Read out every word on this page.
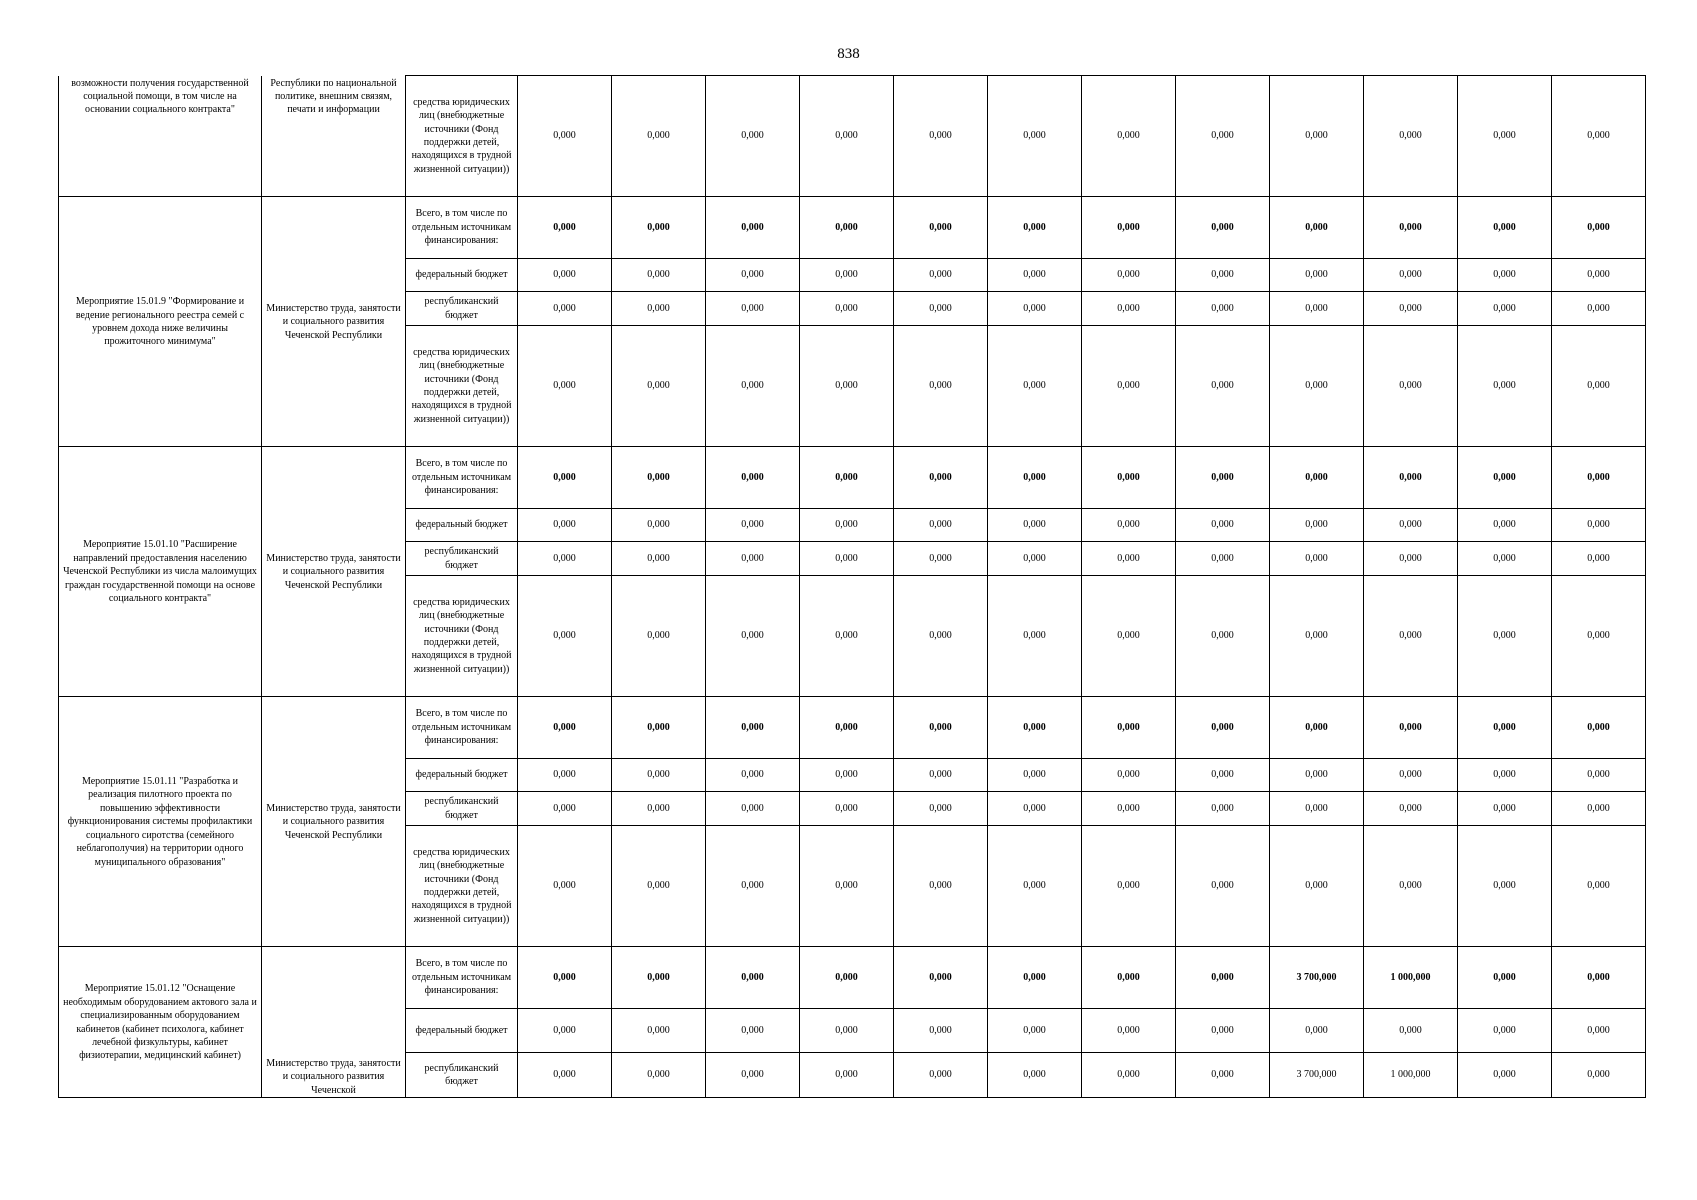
838
возможности получения государственной социальной помощи, в том числе на основании социального контракта"	Республики по национальной политике, внешним связям, печати и информации	средства юридических лиц (внебюджетные источники (Фонд поддержки детей, находящихся в трудной жизненной ситуации))	0,000	0,000	0,000	0,000	0,000	0,000	0,000	0,000	0,000	0,000	0,000	0,000
Мероприятие 15.01.9 "Формирование и ведение регионального реестра семей с уровнем дохода ниже величины прожиточного минимума"	Министерство труда, занятости и социального развития Чеченской Республики	Всего, в том числе по отдельным источникам финансирования:	0,000	0,000	0,000	0,000	0,000	0,000	0,000	0,000	0,000	0,000	0,000	0,000
		федеральный бюджет	0,000	0,000	0,000	0,000	0,000	0,000	0,000	0,000	0,000	0,000	0,000	0,000
		республиканский бюджет	0,000	0,000	0,000	0,000	0,000	0,000	0,000	0,000	0,000	0,000	0,000	0,000
		средства юридических лиц (внебюджетные источники (Фонд поддержки детей, находящихся в трудной жизненной ситуации))	0,000	0,000	0,000	0,000	0,000	0,000	0,000	0,000	0,000	0,000	0,000	0,000
Мероприятие 15.01.10 "Расширение направлений предоставления населению Чеченской Республики из числа малоимущих граждан государственной помощи на основе социального контракта"	Министерство труда, занятости и социального развития Чеченской Республики	Всего, в том числе по отдельным источникам финансирования:	0,000	0,000	0,000	0,000	0,000	0,000	0,000	0,000	0,000	0,000	0,000	0,000
		федеральный бюджет	0,000	0,000	0,000	0,000	0,000	0,000	0,000	0,000	0,000	0,000	0,000	0,000
		республиканский бюджет	0,000	0,000	0,000	0,000	0,000	0,000	0,000	0,000	0,000	0,000	0,000	0,000
		средства юридических лиц (внебюджетные источники (Фонд поддержки детей, находящихся в трудной жизненной ситуации))	0,000	0,000	0,000	0,000	0,000	0,000	0,000	0,000	0,000	0,000	0,000	0,000
Мероприятие 15.01.11 "Разработка и реализация пилотного проекта по повышению эффективности функционирования системы профилактики социального сиротства (семейного неблагополучия) на территории одного муниципального образования"	Министерство труда, занятости и социального развития Чеченской Республики	Всего, в том числе по отдельным источникам финансирования:	0,000	0,000	0,000	0,000	0,000	0,000	0,000	0,000	0,000	0,000	0,000	0,000
		федеральный бюджет	0,000	0,000	0,000	0,000	0,000	0,000	0,000	0,000	0,000	0,000	0,000	0,000
		республиканский бюджет	0,000	0,000	0,000	0,000	0,000	0,000	0,000	0,000	0,000	0,000	0,000	0,000
		средства юридических лиц (внебюджетные источники (Фонд поддержки детей, находящихся в трудной жизненной ситуации))	0,000	0,000	0,000	0,000	0,000	0,000	0,000	0,000	0,000	0,000	0,000	0,000
Мероприятие 15.01.12 "Оснащение необходимым оборудованием актового зала и специализированным оборудованием кабинетов (кабинет психолога, кабинет лечебной физкультуры, кабинет физиотерапии, медицинский кабинет)	Министерство труда, занятости и социального развития Чеченской	Всего, в том числе по отдельным источникам финансирования:	0,000	0,000	0,000	0,000	0,000	0,000	0,000	0,000	3 700,000	1 000,000	0,000	0,000
		федеральный бюджет	0,000	0,000	0,000	0,000	0,000	0,000	0,000	0,000	0,000	0,000	0,000	0,000
		республиканский бюджет	0,000	0,000	0,000	0,000	0,000	0,000	0,000	0,000	3 700,000	1 000,000	0,000	0,000
